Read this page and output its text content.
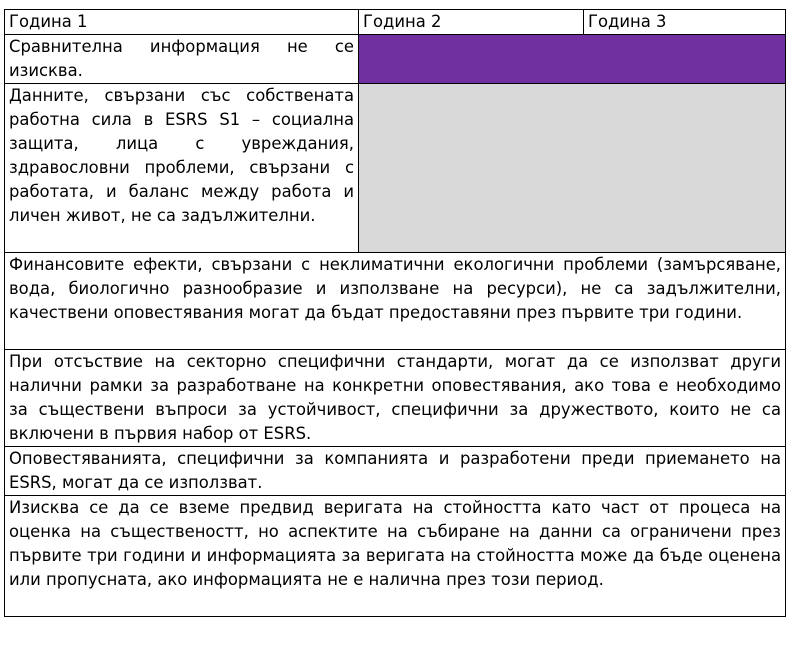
Година 1	Година 2	Година 3
Сравнителна информация не се изисква.		
Данните, свързани със собствената работна сила в ESRS S1 – социална защита, лица с увреждания, здравословни проблеми, свързани с работата, и баланс между работа и личен живот, не са задължителни.		
Финансовите ефекти, свързани с неклиматични екологични проблеми (замърсяване, вода, биологично разнообразие и използване на ресурси), не са задължителни, качествени оповестявания могат да бъдат предоставяни през първите три години.		
При отсъствие на секторно специфични стандарти, могат да се използват други налични рамки за разработване на конкретни оповестявания, ако това е необходимо за съществени въпроси за устойчивост, специфични за дружеството, които не са включени в първия набор от ESRS.		
Оповестяванията, специфични за компанията и разработени преди приемането на ESRS, могат да се използват.		
Изисква се да се вземе предвид веригата на стойността като част от процеса на оценка на същественостт, но аспектите на събиране на данни са ограничени през първите три години и информацията за веригата на стойността може да бъде оценена или пропусната, ако информацията не е налична през този период.		
